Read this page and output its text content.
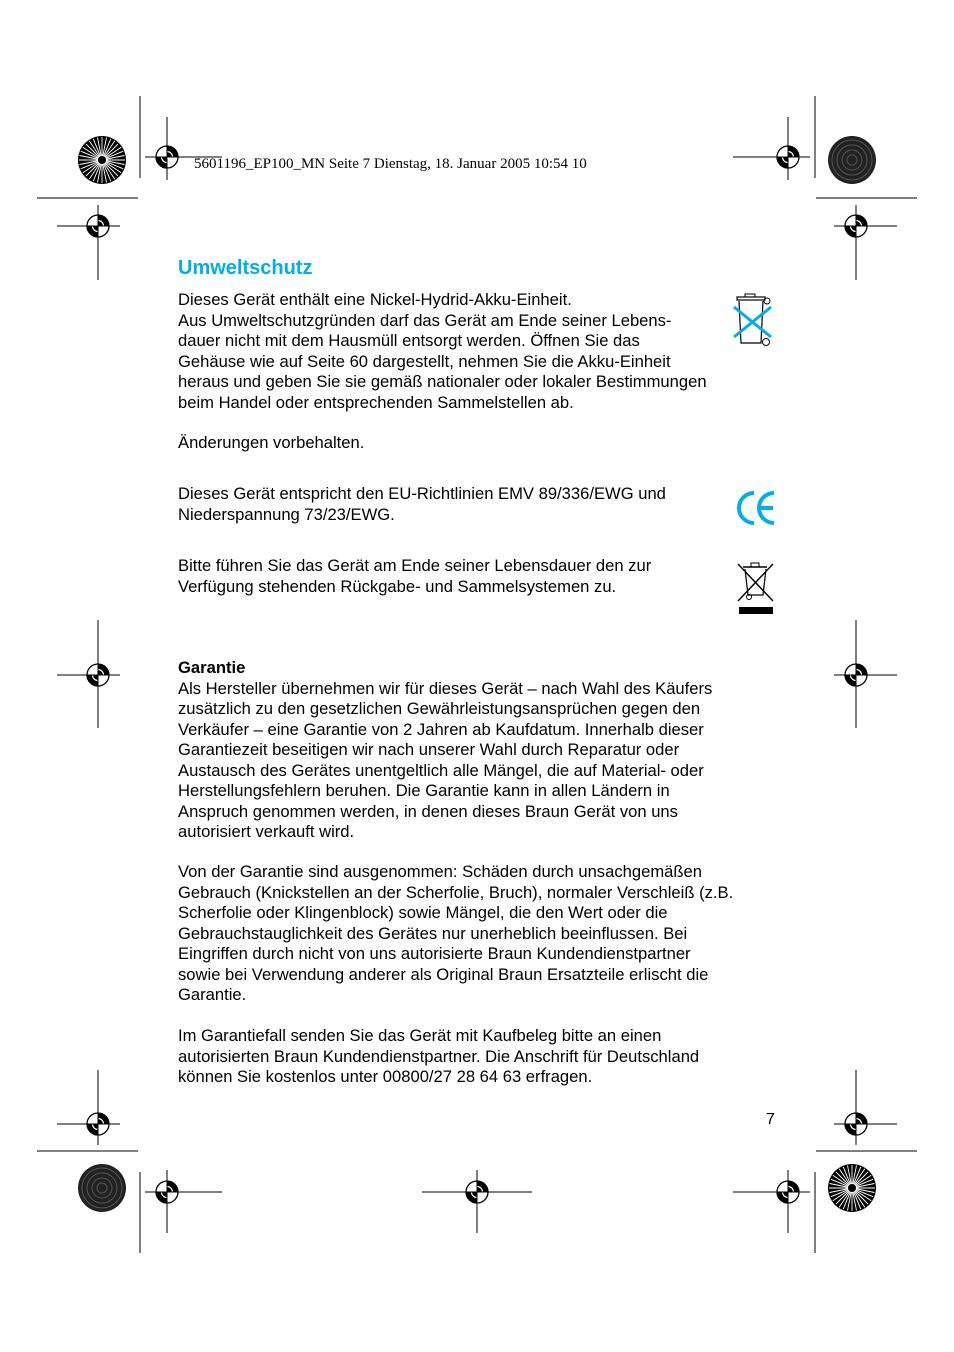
5601196_EP100_MN Seite 7 Dienstag, 18. Januar 2005 10:54 10
Umweltschutz
Dieses Gerät enthält eine Nickel-Hydrid-Akku-Einheit.
Aus Umweltschutzgründen darf das Gerät am Ende seiner Lebens-
dauer nicht mit dem Hausmüll entsorgt werden. Öffnen Sie das
Gehäuse wie auf Seite 60 dargestellt, nehmen Sie die Akku-Einheit
heraus und geben Sie sie gemäß nationaler oder lokaler Bestimmungen
beim Handel oder entsprechenden Sammelstellen ab.
Änderungen vorbehalten.
Dieses Gerät entspricht den EU-Richtlinien EMV 89/336/EWG und
Niederspannung 73/23/EWG.
Bitte führen Sie das Gerät am Ende seiner Lebensdauer den zur
Verfügung stehenden Rückgabe- und Sammelsystemen zu.
Garantie
Als Hersteller übernehmen wir für dieses Gerät – nach Wahl des Käufers
zusätzlich zu den gesetzlichen Gewährleistungsansprüchen gegen den
Verkäufer – eine Garantie von 2 Jahren ab Kaufdatum. Innerhalb dieser
Garantiezeit beseitigen wir nach unserer Wahl durch Reparatur oder
Austausch des Gerätes unentgeltlich alle Mängel, die auf Material- oder
Herstellungsfehlern beruhen. Die Garantie kann in allen Ländern in
Anspruch genommen werden, in denen dieses Braun Gerät von uns
autorisiert verkauft wird.
Von der Garantie sind ausgenommen: Schäden durch unsachgemäßen
Gebrauch (Knickstellen an der Scherfolie, Bruch), normaler Verschleiß (z.B.
Scherfolie oder Klingenblock) sowie Mängel, die den Wert oder die
Gebrauchstauglichkeit des Gerätes nur unerheblich beeinflussen. Bei
Eingriffen durch nicht von uns autorisierte Braun Kundendienstpartner
sowie bei Verwendung anderer als Original Braun Ersatzteile erlischt die
Garantie.
Im Garantiefall senden Sie das Gerät mit Kaufbeleg bitte an einen
autorisierten Braun Kundendienstpartner. Die Anschrift für Deutschland
können Sie kostenlos unter 00800/27 28 64 63 erfragen.
7
